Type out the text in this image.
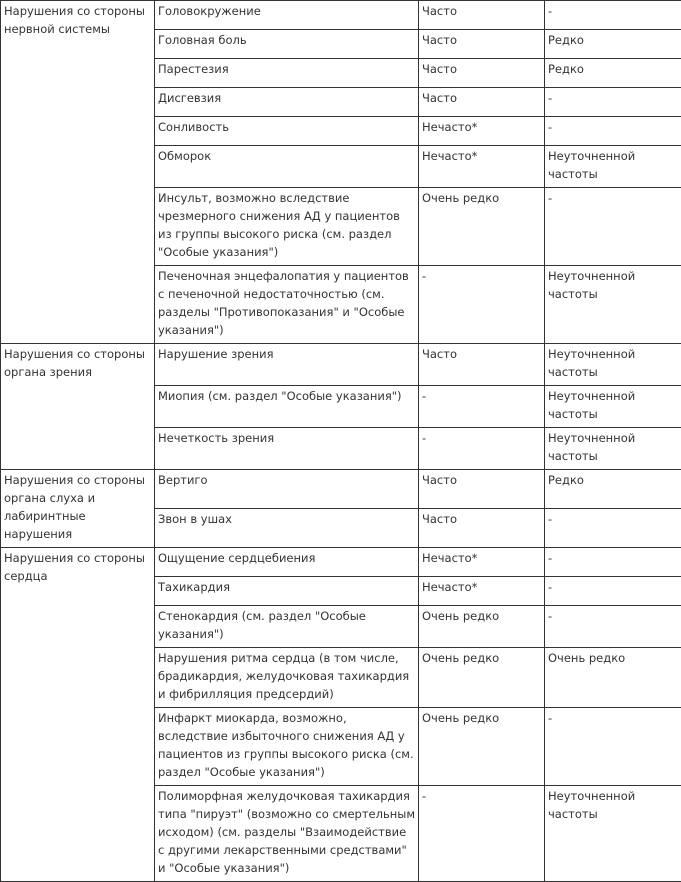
Нарушения со стороны нервной системы	Головокружение	Часто	-
	Головная боль	Часто	Редко
	Парестезия	Часто	Редко
	Дисгевзия	Часто	-
	Сонливость	Нечасто*	-
	Обморок	Нечасто*	Неуточненной частоты
	Инсульт, возможно вследствие чрезмерного снижения АД у пациентов из группы высокого риска (см. раздел "Особые указания")	Очень редко	-
	Печеночная энцефалопатия у пациентов с печеночной недостаточностью (см. разделы "Противопоказания" и "Особые указания")	-	Неуточненной частоты
Нарушения со стороны органа зрения	Нарушение зрения	Часто	Неуточненной частоты
	Миопия (см. раздел "Особые указания")	-	Неуточненной частоты
	Нечеткость зрения	-	Неуточненной частоты
Нарушения со стороны органа слуха и лабиринтные нарушения	Вертиго	Часто	Редко
	Звон в ушах	Часто	-
Нарушения со стороны сердца	Ощущение сердцебиения	Нечасто*	-
	Тахикардия	Нечасто*	-
	Стенокардия (см. раздел "Особые указания")	Очень редко	-
	Нарушения ритма сердца (в том числе, брадикардия, желудочковая тахикардия и фибрилляция предсердий)	Очень редко	Очень редко
	Инфаркт миокарда, возможно, вследствие избыточного снижения АД у пациентов из группы высокого риска (см. раздел "Особые указания")	Очень редко	-
	Полиморфная желудочковая тахикардия типа "пируэт" (возможно со смертельным исходом) (см. разделы "Взаимодействие с другими лекарственными средствами" и "Особые указания")	-	Неуточненной частоты
